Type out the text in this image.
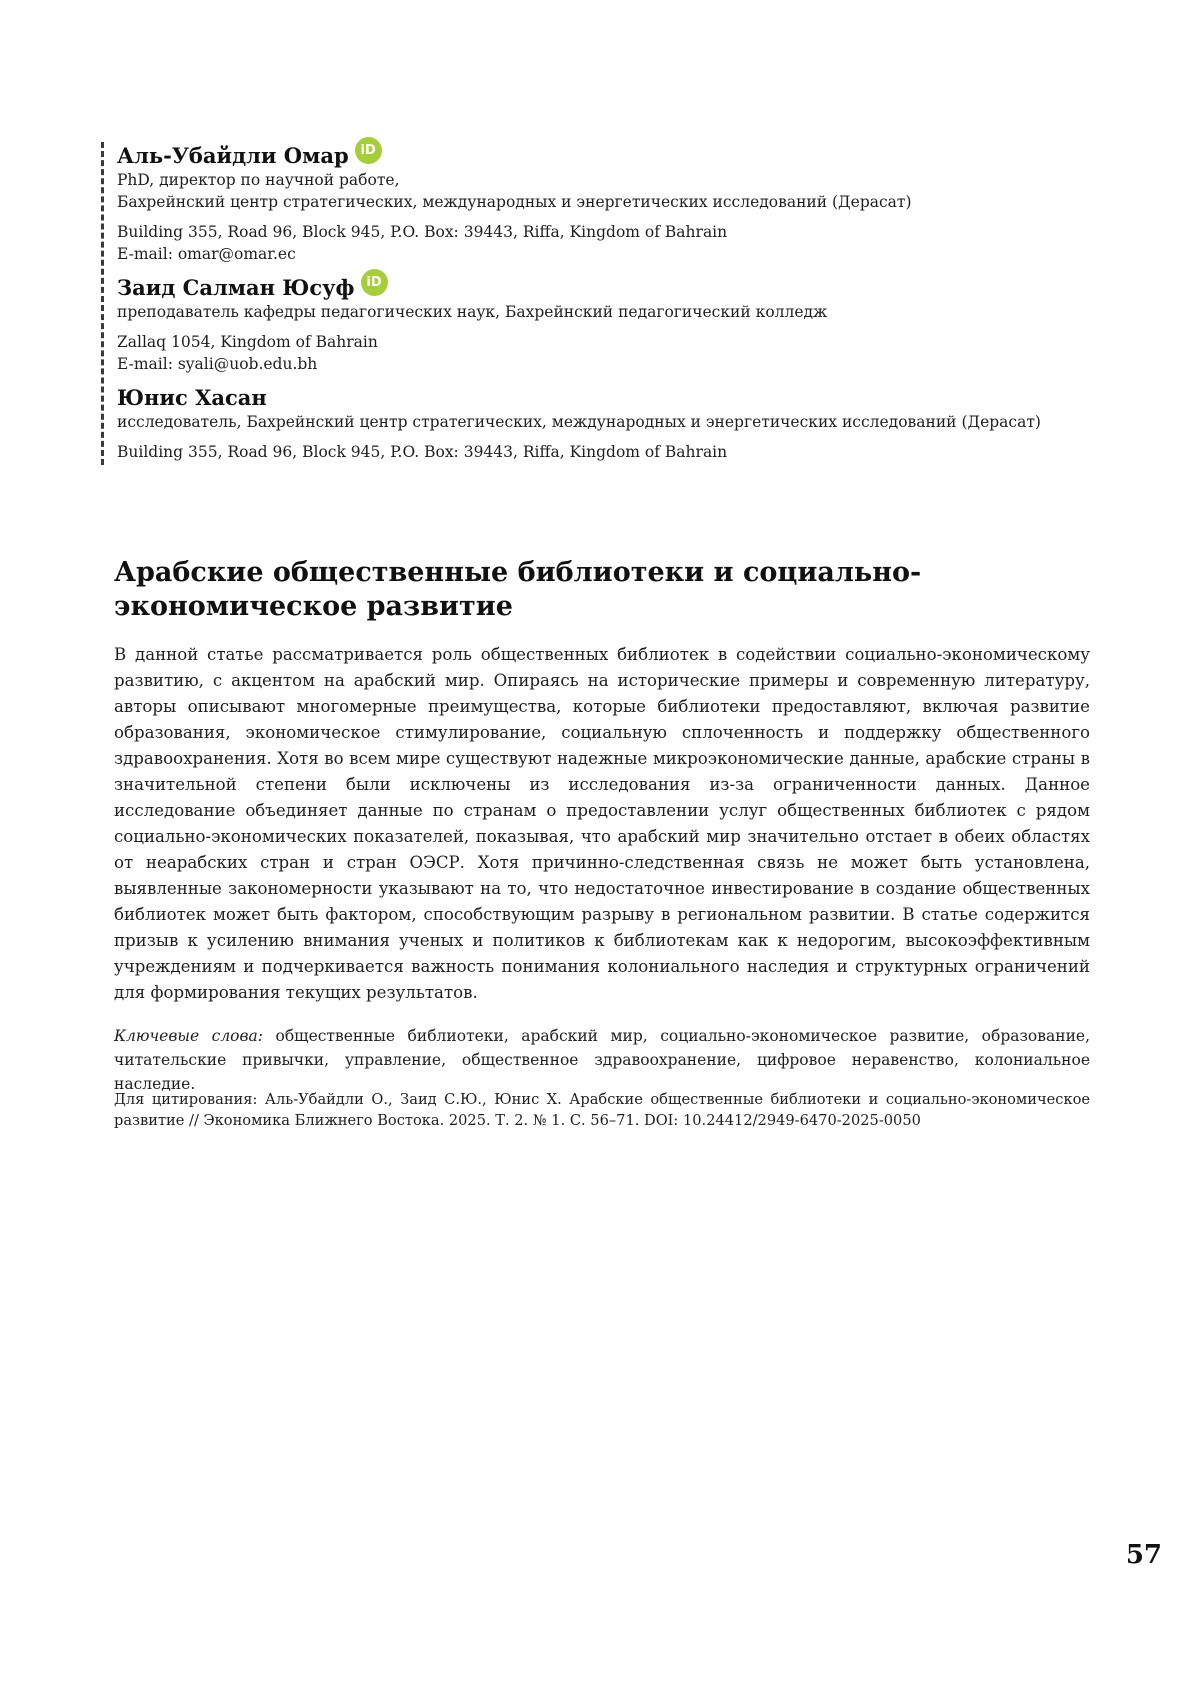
Аль-Убайдли Омар iD
PhD, директор по научной работе,
Бахрейнский центр стратегических, международных и энергетических исследований (Дерасат)
Building 355, Road 96, Block 945, P.O. Box: 39443, Riffa, Kingdom of Bahrain
E-mail: omar@omar.ec
Заид Салман Юсуф iD
преподаватель кафедры педагогических наук, Бахрейнский педагогический колледж
Zallaq 1054, Kingdom of Bahrain
E-mail: syali@uob.edu.bh
Юнис Хасан
исследователь, Бахрейнский центр стратегических, международных и энергетических исследований (Дерасат)
Building 355, Road 96, Block 945, P.O. Box: 39443, Riffa, Kingdom of Bahrain
Арабские общественные библиотеки и социально-экономическое развитие

В данной статье рассматривается роль общественных библиотек в содействии социально-экономическому развитию, с акцентом на арабский мир. Опираясь на исторические примеры и современную литературу, авторы описывают многомерные преимущества, которые библиотеки предоставляют, включая развитие образования, экономическое стимулирование, социальную сплоченность и поддержку общественного здравоохранения. Хотя во всем мире существуют надежные микроэкономические данные, арабские страны в значительной степени были исключены из исследования из-за ограниченности данных. Данное исследование объединяет данные по странам о предоставлении услуг общественных библиотек с рядом социально-экономических показателей, показывая, что арабский мир значительно отстает в обеих областях от неарабских стран и стран ОЭСР. Хотя причинно-следственная связь не может быть установлена, выявленные закономерности указывают на то, что недостаточное инвестирование в создание общественных библиотек может быть фактором, способствующим разрыву в региональном развитии. В статье содержится призыв к усилению внимания ученых и политиков к библиотекам как к недорогим, высокоэффективным учреждениям и подчеркивается важность понимания колониального наследия и структурных ограничений для формирования текущих результатов.

Ключевые слова: общественные библиотеки, арабский мир, социально-экономическое развитие, образование, читательские привычки, управление, общественное здравоохранение, цифровое неравенство, колониальное наследие.

Для цитирования: Аль-Убайдли О., Заид С.Ю., Юнис Х. Арабские общественные библиотеки и социально-экономическое развитие // Экономика Ближнего Востока. 2025. Т. 2. № 1. С. 56–71. DOI: 10.24412/2949-6470-2025-0050

57
